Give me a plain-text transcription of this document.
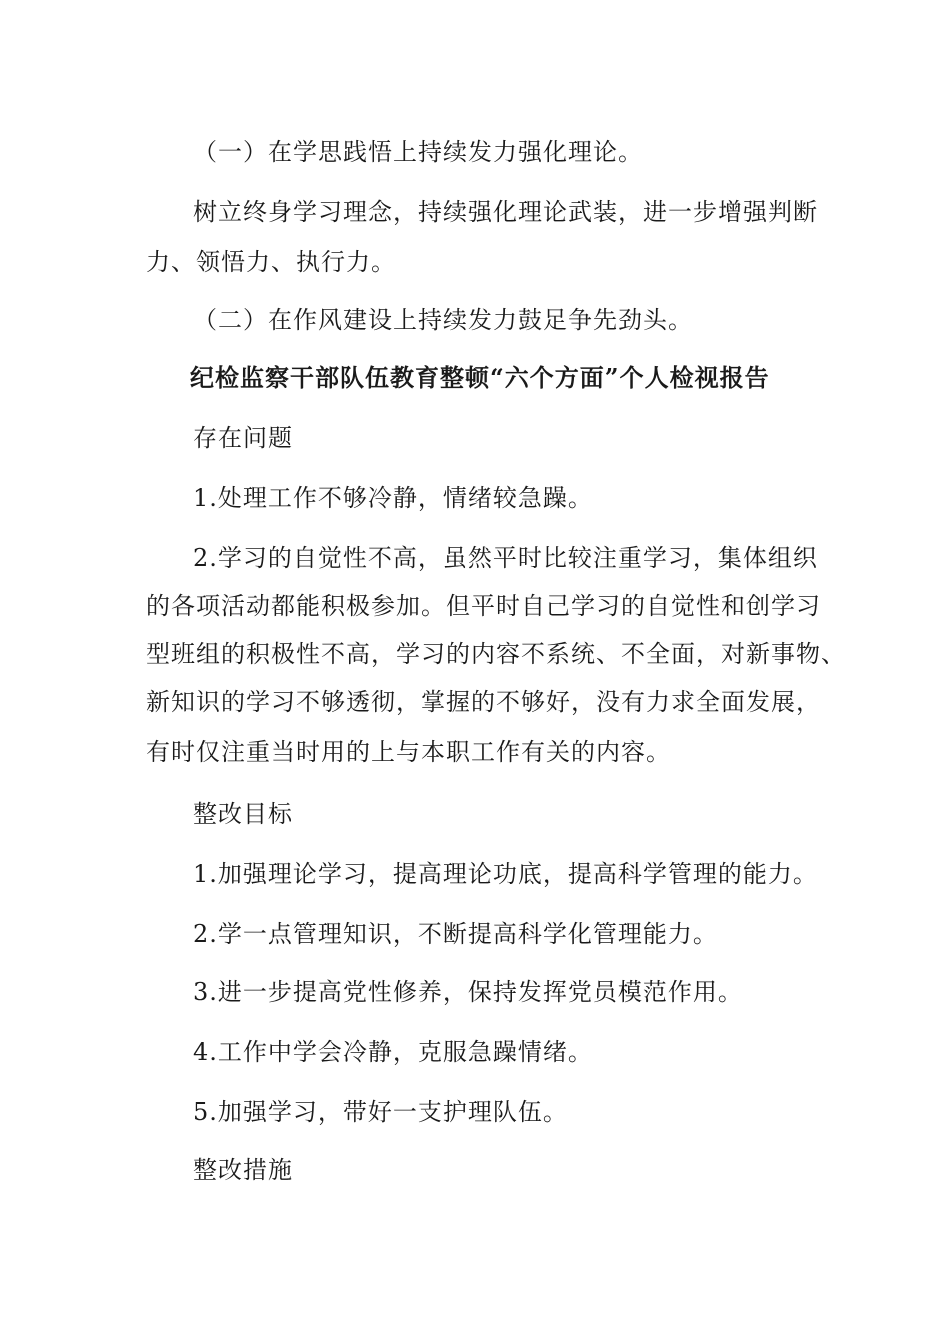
（一）在学思践悟上持续发力强化理论。
树立终身学习理念，持续强化理论武装，进一步增强判断
力、领悟力、执行力。
（二）在作风建设上持续发力鼓足争先劲头。
纪检监察干部队伍教育整顿“六个方面”个人检视报告
存在问题
1.处理工作不够冷静，情绪较急躁。
2.学习的自觉性不高，虽然平时比较注重学习，集体组织
的各项活动都能积极参加。但平时自己学习的自觉性和创学习
型班组的积极性不高，学习的内容不系统、不全面，对新事物、
新知识的学习不够透彻，掌握的不够好，没有力求全面发展，
有时仅注重当时用的上与本职工作有关的内容。
整改目标
1.加强理论学习，提高理论功底，提高科学管理的能力。
2.学一点管理知识，不断提高科学化管理能力。
3.进一步提高党性修养，保持发挥党员模范作用。
4.工作中学会冷静，克服急躁情绪。
5.加强学习，带好一支护理队伍。
整改措施
